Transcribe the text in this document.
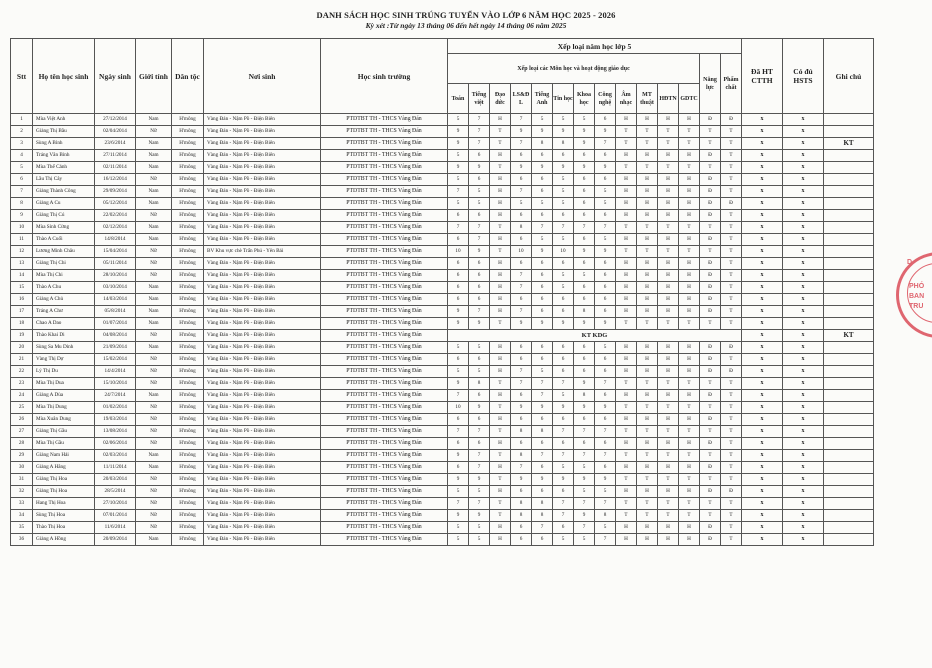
DANH SÁCH HỌC SINH TRÚNG TUYỂN VÀO LỚP 6 NĂM HỌC 2025 - 2026
Kỳ xét :Từ ngày 13 tháng 06 đến hết ngày 14 tháng 06 năm 2025
Stt	Họ tên học sinh	Ngày sinh	Giới tính	Dân tộc	Nơi sinh	Học sinh trường	Xếp loại năm học lớp 5														Đã HT CTTH	Có đủ HSTS	Ghi chú
							Xếp loại các Môn học và hoạt động giáo dục												Năng lực	Phẩm chất			
							Toán	Tiếng việt	Đạo đức	LS&Đ L	Tiếng Anh	Tin học	Khoa học	Công nghệ	Âm nhạc	MT thuật	HĐTN	GDTC					
1	Mùa Việt Anh	27/12/2014	Nam	H'mông	Vàng Đán - Nậm Pồ - Điện Biên	PTDTBT TH - THCS Vàng Đán	5	7	H	7	5	5	5	6	H	H	H	H	Đ	Đ	x	x	
2	Giàng Thị Bầu	02/04/2014	Nữ	H'mông	Vàng Đán - Nậm Pồ - Điện Biên	PTDTBT TH - THCS Vàng Đán	9	7	T	9	9	9	9	9	T	T	T	T	T	T	x	x	
3	Sùng A Bình	23/6/2014	Nam	H'mông	Vàng Đán - Nậm Pồ - Điện Biên	PTDTBT TH - THCS Vàng Đán	9	7	T	7	8	8	9	7	T	T	T	T	T	T	x	x	KT
4	Tráng Văn Bình	27/11/2014	Nam	H'mông	Vàng Đán - Nậm Pồ - Điện Biên	PTDTBT TH - THCS Vàng Đán	5	6	H	6	6	6	6	6	H	H	H	H	Đ	T	x	x	
5	Mùa Thế Cảnh	02/11/2014	Nam	H'mông	Vàng Đán - Nậm Pồ - Điện Biên	PTDTBT TH - THCS Vàng Đán	9	9	T	9	9	9	9	9	T	T	T	T	T	T	x	x	
6	Lầu Thị Cây	16/12/2014	Nữ	H'mông	Vàng Đán - Nậm Pồ - Điện Biên	PTDTBT TH - THCS Vàng Đán	5	6	H	6	6	5	6	6	H	H	H	H	Đ	T	x	x	
7	Giàng Thành Công	29/09/2014	Nam	H'mông	Vàng Đán - Nậm Pồ - Điện Biên	PTDTBT TH - THCS Vàng Đán	7	5	H	7	6	5	6	5	H	H	H	H	Đ	T	x	x	
8	Giàng A Cu	05/12/2014	Nam	H'mông	Vàng Đán - Nậm Pồ - Điện Biên	PTDTBT TH - THCS Vàng Đán	5	5	H	5	5	5	6	5	H	H	H	H	Đ	Đ	x	x	
9	Giàng Thị Cú	22/02/2014	Nữ	H'mông	Vàng Đán - Nậm Pồ - Điện Biên	PTDTBT TH - THCS Vàng Đán	6	6	H	6	6	6	6	6	H	H	H	H	Đ	T	x	x	
10	Mùa Sinh Cừng	02/12/2014	Nam	H'mông	Vàng Đán - Nậm Pồ - Điện Biên	PTDTBT TH - THCS Vàng Đán	7	7	T	8	7	7	7	7	T	T	T	T	T	T	x	x	
11	Thào A Cuối	14/8/2014	Nam	H'mông	Vàng Đán - Nậm Pồ - Điện Biên	PTDTBT TH - THCS Vàng Đán	6	7	H	6	5	5	6	5	H	H	H	H	Đ	T	x	x	
12	Lương Minh Châu	15/04/2014	Nữ	H'mông	BV Khu vực chè Trấn Phú - Yên Bái	PTDTBT TH - THCS Vàng Đán	10	9	T	10	9	10	9	9	T	T	T	T	T	T	x	x	
13	Giàng Thị Chi	05/11/2014	Nữ	H'mông	Vàng Đán - Nậm Pồ - Điện Biên	PTDTBT TH - THCS Vàng Đán	6	6	H	6	6	6	6	6	H	H	H	H	Đ	T	x	x	
14	Mùa Thị Chi	28/10/2014	Nữ	H'mông	Vàng Đán - Nậm Pồ - Điện Biên	PTDTBT TH - THCS Vàng Đán	6	6	H	7	6	5	5	6	H	H	H	H	Đ	T	x	x	
15	Thào A Chu	03/10/2014	Nam	H'mông	Vàng Đán - Nậm Pồ - Điện Biên	PTDTBT TH - THCS Vàng Đán	6	6	H	7	6	5	6	6	H	H	H	H	Đ	T	x	x	
16	Giàng A Chủ	14/03/2014	Nam	H'mông	Vàng Đán - Nậm Pồ - Điện Biên	PTDTBT TH - THCS Vàng Đán	6	6	H	6	6	6	6	6	H	H	H	H	Đ	T	x	x	
17	Tráng A Chư	05/8/2014	Nam	H'mông	Vàng Đán - Nậm Pồ - Điện Biên	PTDTBT TH - THCS Vàng Đán	9	7	H	7	6	6	8	6	H	H	H	H	Đ	T	x	x	
18	Chao A Dao	01/07/2014	Nam	H'mông	Vàng Đán - Nậm Pồ - Điện Biên	PTDTBT TH - THCS Vàng Đán	9	9	T	9	9	9	9	9	T	T	T	T	T	T	x	x	
19	Thào Khai Di	04/08/2014	Nữ	H'mông	Vàng Đán - Nậm Pồ - Điện Biên	PTDTBT TH - THCS Vàng Đán	KT KDG														x	x	KT
20	Sùng Sa Mu Dinh	21/09/2014	Nam	H'mông	Vàng Đán - Nậm Pồ - Điện Biên	PTDTBT TH - THCS Vàng Đán	5	5	H	6	6	6	6	5	H	H	H	H	Đ	Đ	x	x	
21	Vàng Thị Dợ	15/02/2014	Nữ	H'mông	Vàng Đán - Nậm Pồ - Điện Biên	PTDTBT TH - THCS Vàng Đán	6	6	H	6	6	6	6	6	H	H	H	H	Đ	T	x	x	
22	Lý Thị Du	14/4/2014	Nữ	H'mông	Vàng Đán - Nậm Pồ - Điện Biên	PTDTBT TH - THCS Vàng Đán	5	5	H	7	5	6	6	6	H	H	H	H	Đ	Đ	x	x	
23	Mùa Thị Dua	15/10/2014	Nữ	H'mông	Vàng Đán - Nậm Pồ - Điện Biên	PTDTBT TH - THCS Vàng Đán	9	8	T	7	7	7	9	7	T	T	T	T	T	T	x	x	
24	Giàng A Dùa	24/7/2014	Nam	H'mông	Vàng Đán - Nậm Pồ - Điện Biên	PTDTBT TH - THCS Vàng Đán	7	6	H	6	7	5	8	6	H	H	H	H	Đ	T	x	x	
25	Mùa Thị Dung	01/02/2014	Nữ	H'mông	Vàng Đán - Nậm Pồ - Điện Biên	PTDTBT TH - THCS Vàng Đán	10	9	T	9	9	9	9	9	T	T	T	T	T	T	x	x	
26	Mùa Xuân Dung	19/03/2014	Nữ	H'mông	Vàng Đán - Nậm Pồ - Điện Biên	PTDTBT TH - THCS Vàng Đán	6	6	H	6	6	6	6	6	H	H	H	H	Đ	T	x	x	
27	Giàng Thị Gầu	13/08/2014	Nữ	H'mông	Vàng Đán - Nậm Pồ - Điện Biên	PTDTBT TH - THCS Vàng Đán	7	7	T	8	8	7	7	7	T	T	T	T	T	T	x	x	
28	Mùa Thị Gầu	02/06/2014	Nữ	H'mông	Vàng Đán - Nậm Pồ - Điện Biên	PTDTBT TH - THCS Vàng Đán	6	6	H	6	6	6	6	6	H	H	H	H	Đ	T	x	x	
29	Giàng Nam Hải	02/03/2014	Nam	H'mông	Vàng Đán - Nậm Pồ - Điện Biên	PTDTBT TH - THCS Vàng Đán	9	7	T	8	7	7	7	7	T	T	T	T	T	T	x	x	
30	Giàng A Hăng	11/11/2014	Nam	H'mông	Vàng Đán - Nậm Pồ - Điện Biên	PTDTBT TH - THCS Vàng Đán	6	7	H	7	6	5	5	6	H	H	H	H	Đ	T	x	x	
31	Giàng Thị Hoa	20/03/2014	Nữ	H'mông	Vàng Đán - Nậm Pồ - Điện Biên	PTDTBT TH - THCS Vàng Đán	9	9	T	9	9	9	9	9	T	T	T	T	T	T	x	x	
32	Giàng Thị Hoa	28/5/2014	Nữ	H'mông	Vàng Đán - Nậm Pồ - Điện Biên	PTDTBT TH - THCS Vàng Đán	5	5	H	6	6	6	5	5	H	H	H	H	Đ	Đ	x	x	
33	Hang Thị Hoa	27/10/2014	Nữ	H'mông	Vàng Đán - Nậm Pồ - Điện Biên	PTDTBT TH - THCS Vàng Đán	7	7	T	8	8	7	7	7	T	T	T	T	T	T	x	x	
34	Sùng Thị Hoa	07/01/2014	Nữ	H'mông	Vàng Đán - Nậm Pồ - Điện Biên	PTDTBT TH - THCS Vàng Đán	9	9	T	8	8	7	9	8	T	T	T	T	T	T	x	x	
35	Thào Thị Hoa	11/6/2014	Nữ	H'mông	Vàng Đán - Nậm Pồ - Điện Biên	PTDTBT TH - THCS Vàng Đán	5	5	H	6	7	6	7	5	H	H	H	H	Đ	T	x	x	
36	Giàng A Hồng	20/09/2014	Nam	H'mông	Vàng Đán - Nậm Pồ - Điện Biên	PTDTBT TH - THCS Vàng Đán	5	5	H	6	6	5	5	7	H	H	H	H	Đ	T	x	x	
D
PHÓ
BAN
TRU
